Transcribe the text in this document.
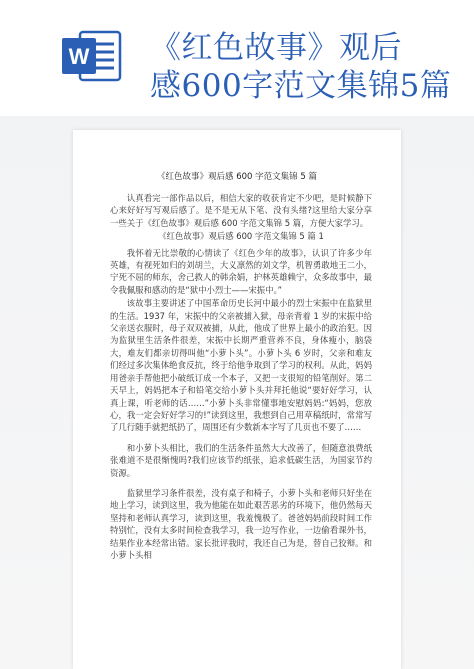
W 《红色故事》观后
感600字范文集锦5篇
《红色故事》观后感 600 字范文集锦 5 篇

认真看完一部作品以后，相信大家的收获肯定不少吧，是时候静下心来好好写写观后感了。是不是无从下笔、没有头绪?这里给大家分享一些关于《红色故事》观后感 600 字范文集锦 5 篇，方便大家学习。

《红色故事》观后感 600 字范文集锦 5 篇 1

我怀着无比崇敬的心情读了《红色少年的故事》，认识了许多少年英雄，有视死如归的刘胡兰，大义凛然的刘文学，机智勇敢地王二小，宁死不屈的师东，舍己救人的韩余娟，护林英雄赖宁，众多故事中，最令我佩服和感动的是“狱中小烈士——宋振中。”

该故事主要讲述了中国革命历史长河中最小的烈士宋振中在监狱里的生活。1937 年，宋振中的父亲被捕入狱，母亲背着 1 岁的宋振中给父亲送衣服时，母子双双被捕，从此，他成了世界上最小的政治犯。因为监狱里生活条件很差，宋振中长期严重营养不良，身体瘦小，脑袋大，难友们都亲切得叫他“小萝卜头”。小萝卜头 6 岁时，父亲和难友们经过多次集体绝食反抗，终于给他争取到了学习的权利。从此，妈妈用爸亲手帮他把小破纸订成一个本子，又把一支很短的铅笔削好。第二天早上，妈妈把本子和铅笔交给小萝卜头并拜托他说“要好好学习，认真上课，听老师的话……”小萝卜头非常懂事地安慰妈妈:“妈妈，您放心，我一定会好好学习的!”读到这里，我想到自己用草稿纸时，常常写了几行随手就把纸扔了，周围还有少数新本字写了几页也不要了……

和小萝卜头相比，我们的生活条件虽然大大改善了，但随意浪费纸张难道不是很惭愧吗?我们应该节约纸张，追求低碳生活，为国家节约资源。

监狱里学习条件很差，没有桌子和椅子，小萝卜头和老师只好坐在地上学习，读到这里，我为他能在如此艰苦恶劣的环境下，他仍然每天坚持和老师认真学习，读到这里，我羞愧极了。爸爸妈妈前段时间工作特别忙，没有太多时间检查我学习，我一边写作业，一边偷看课外书，结果作业本经常出错。家长批评我时，我还自己为是，替自己狡辩。和小萝卜头相
